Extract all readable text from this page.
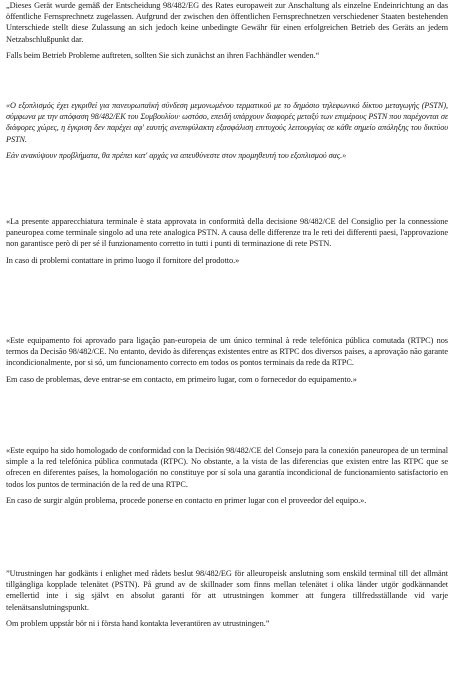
„Dieses Gerät wurde gemäß der Entscheidung 98/482/EG des Rates europaweit zur Anschaltung als einzelne Endeinrichtung an das öffentliche Fernsprechnetz zugelassen. Aufgrund der zwischen den öffentlichen Fernsprechnetzen verschiedener Staaten bestehenden Unterschiede stellt diese Zulassung an sich jedoch keine unbedingte Gewähr für einen erfolgreichen Betrieb des Geräts an jedem Netzabschlußpunkt dar.

Falls beim Betrieb Probleme auftreten, sollten Sie sich zunächst an ihren Fachhändler wenden.“

«Ο εξοπλισμός έχει εγκριθεί για πανευρωπαϊκή σύνδεση μεμονωμένου τερματικού με το δημόσιο τηλεφωνικό δίκτυο μεταγωγής (PSTN), σύμφωνα με την απόφαση 98/482/ΕΚ του Συμβουλίου· ωστόσο, επειδή υπάρχουν διαφορές μεταξύ των επιμέρους PSTN που παρέχονται σε διάφορες χώρες, η έγκριση δεν παρέχει αφ' εαυτής ανεπιφύλακτη εξασφάλιση επιτυχούς λειτουργίας σε κάθε σημείο απόληξης του δικτύου PSTN.

Εάν ανακύψουν προβλήματα, θα πρέπει κατ' αρχάς να απευθύνεστε στον προμηθευτή του εξοπλισμού σας.»

«La presente apparecchiatura terminale è stata approvata in conformità della decisione 98/482/CE del Consiglio per la connessione paneuropea come terminale singolo ad una rete analogica PSTN. A causa delle differenze tra le reti dei differenti paesi, l'approvazione non garantisce però di per sé il funzionamento corretto in tutti i punti di terminazione di rete PSTN.

In caso di problemi contattare in primo luogo il fornitore del prodotto.»

«Este equipamento foi aprovado para ligação pan-europeia de um único terminal à rede telefónica pública comutada (RTPC) nos termos da Decisão 98/482/CE. No entanto, devido às diferenças existentes entre as RTPC dos diversos países, a aprovação não garante incondicionalmente, por si só, um funcionamento correcto em todos os pontos terminais da rede da RTPC.

Em caso de problemas, deve entrar-se em contacto, em primeiro lugar, com o fornecedor do equipamento.»

«Este equipo ha sido homologado de conformidad con la Decisión 98/482/CE del Consejo para la conexión paneuropea de un terminal simple a la red telefónica pública conmutada (RTPC). No obstante, a la vista de las diferencias que existen entre las RTPC que se ofrecen en diferentes países, la homologación no constituye por sí sola una garantía incondicional de funcionamiento satisfactorio en todos los puntos de terminación de la red de una RTPC.

En caso de surgir algún problema, procede ponerse en contacto en primer lugar con el proveedor del equipo.».

”Utrustningen har godkänts i enlighet med rådets beslut 98/482/EG för alleuropeisk anslutning som enskild terminal till det allmänt tillgängliga kopplade telenätet (PSTN). På grund av de skillnader som finns mellan telenätet i olika länder utgör godkännandet emellertid inte i sig självt en absolut garanti för att utrustningen kommer att fungera tillfredsställande vid varje telenätsanslutningspunkt.

Om problem uppstår bör ni i första hand kontakta leverantören av utrustningen.”
